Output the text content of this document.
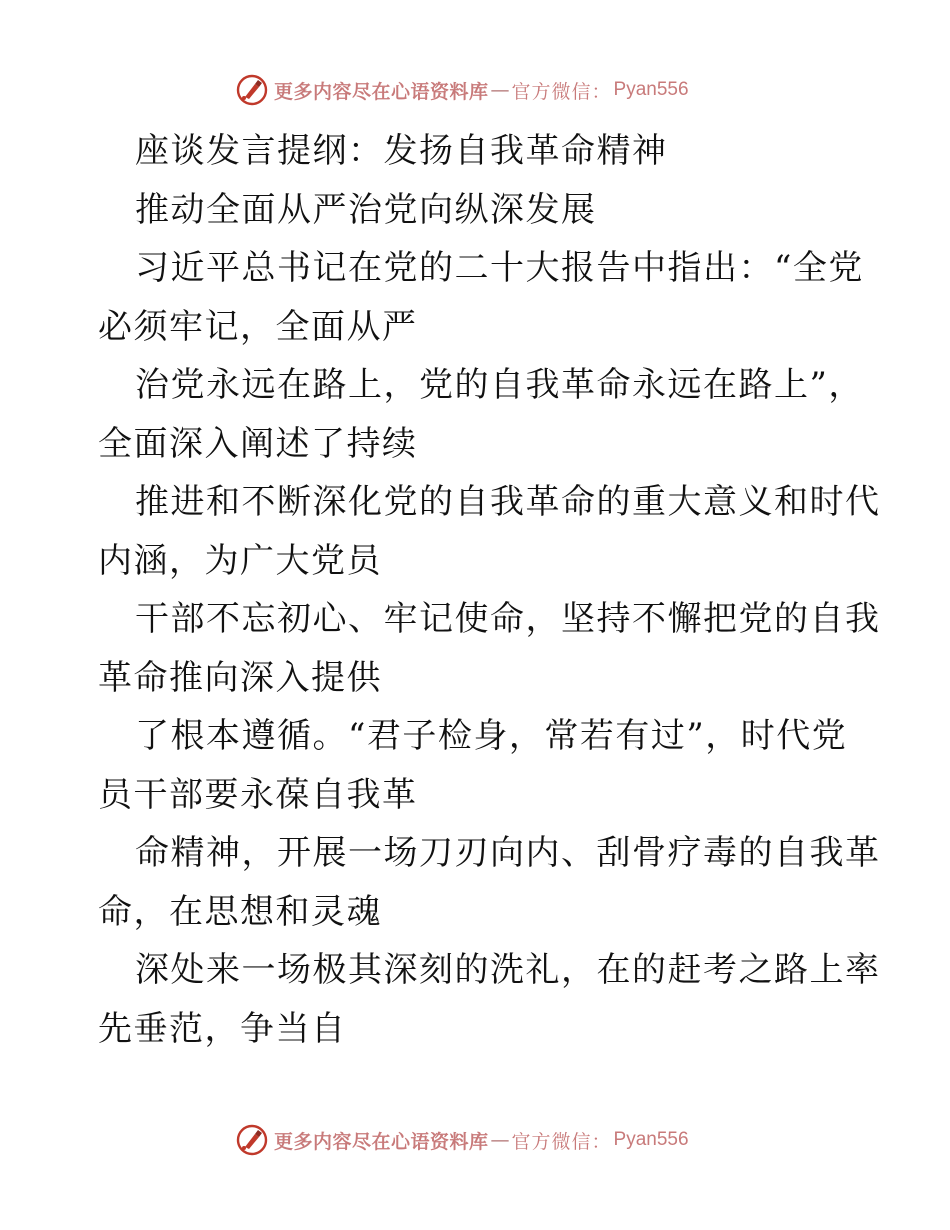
更多内容尽在心语资料库 — 官方微信： Pyan556
座谈发言提纲：发扬自我革命精神
推动全面从严治党向纵深发展
习近平总书记在党的二十大报告中指出：“全党
必须牢记，全面从严
治党永远在路上，党的自我革命永远在路上”，
全面深入阐述了持续
推进和不断深化党的自我革命的重大意义和时代
内涵，为广大党员
干部不忘初心、牢记使命，坚持不懈把党的自我
革命推向深入提供
了根本遵循。“君子检身，常若有过”，时代党
员干部要永葆自我革
命精神，开展一场刀刃向内、刮骨疗毒的自我革
命，在思想和灵魂
深处来一场极其深刻的洗礼，在的赶考之路上率
先垂范，争当自
更多内容尽在心语资料库 — 官方微信： Pyan556
